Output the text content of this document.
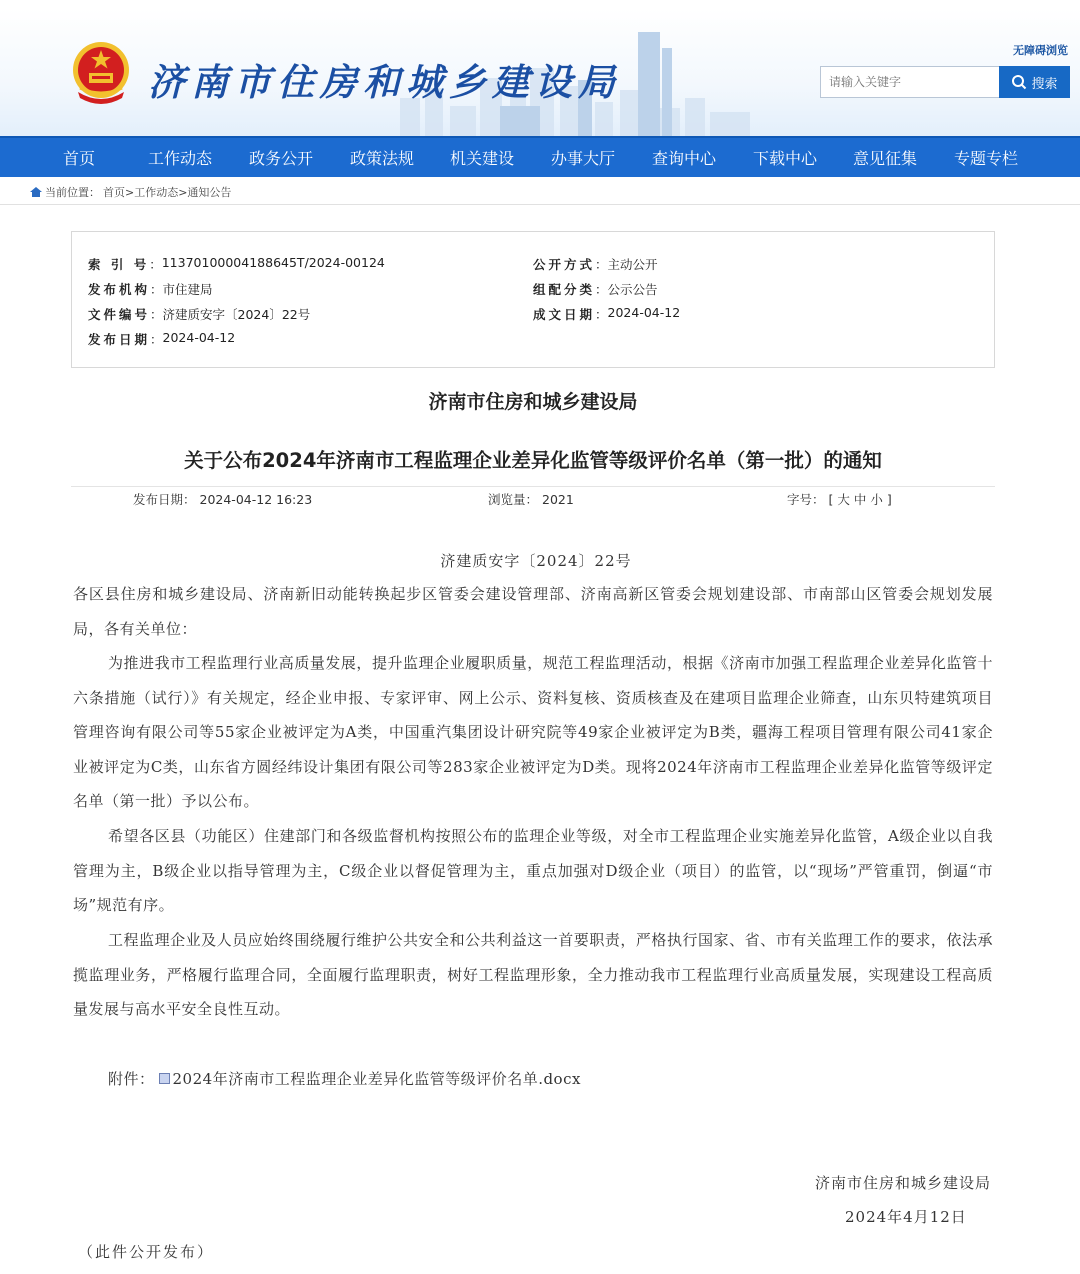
济南市住房和城乡建设局
无障碍浏览
请输入关键字
搜索
首页	工作动态 政务公开 政策法规 机关建设 办事大厅 查询中心 下载中心 意见征集 专题专栏
当前位置： 首页>工作动态>通知公告
索 引 号 ： 11370100004188645T/2024-00124
发布机构 ： 市住建局
文件编号 ： 济建质安字〔2024〕22号
发布日期 ： 2024-04-12
公开方式 ： 主动公开
组配分类 ： 公示公告
成文日期 ： 2024-04-12
济南市住房和城乡建设局
关于公布2024年济南市工程监理企业差异化监管等级评价名单（第一批）的通知
发布日期： 2024-04-12 16:23	浏览量： 2021	字号： [ 大 中 小 ]
济建质安字〔2024〕22号
各区县住房和城乡建设局、济南新旧动能转换起步区管委会建设管理部、济南高新区管委会规划建设部、市南部山区管委会规划发展局，各有关单位：
为推进我市工程监理行业高质量发展，提升监理企业履职质量，规范工程监理活动，根据《济南市加强工程监理企业差异化监管十六条措施（试行）》有关规定，经企业申报、专家评审、网上公示、资料复核、资质核查及在建项目监理企业筛查，山东贝特建筑项目管理咨询有限公司等55家企业被评定为A类，中国重汽集团设计研究院等49家企业被评定为B类，疆海工程项目管理有限公司41家企业被评定为C类，山东省方圆经纬设计集团有限公司等283家企业被评定为D类。现将2024年济南市工程监理企业差异化监管等级评定名单（第一批）予以公布。
希望各区县（功能区）住建部门和各级监督机构按照公布的监理企业等级，对全市工程监理企业实施差异化监管，A级企业以自我管理为主，B级企业以指导管理为主，C级企业以督促管理为主，重点加强对D级企业（项目）的监管，以“现场”严管重罚，倒逼“市场”规范有序。
工程监理企业及人员应始终围绕履行维护公共安全和公共利益这一首要职责，严格执行国家、省、市有关监理工作的要求，依法承揽监理业务，严格履行监理合同，全面履行监理职责，树好工程监理形象，全力推动我市工程监理行业高质量发展，实现建设工程高质量发展与高水平安全良性互动。
附件： 2024年济南市工程监理企业差异化监管等级评价名单.docx
济南市住房和城乡建设局
2024年4月12日
（此件公开发布）
